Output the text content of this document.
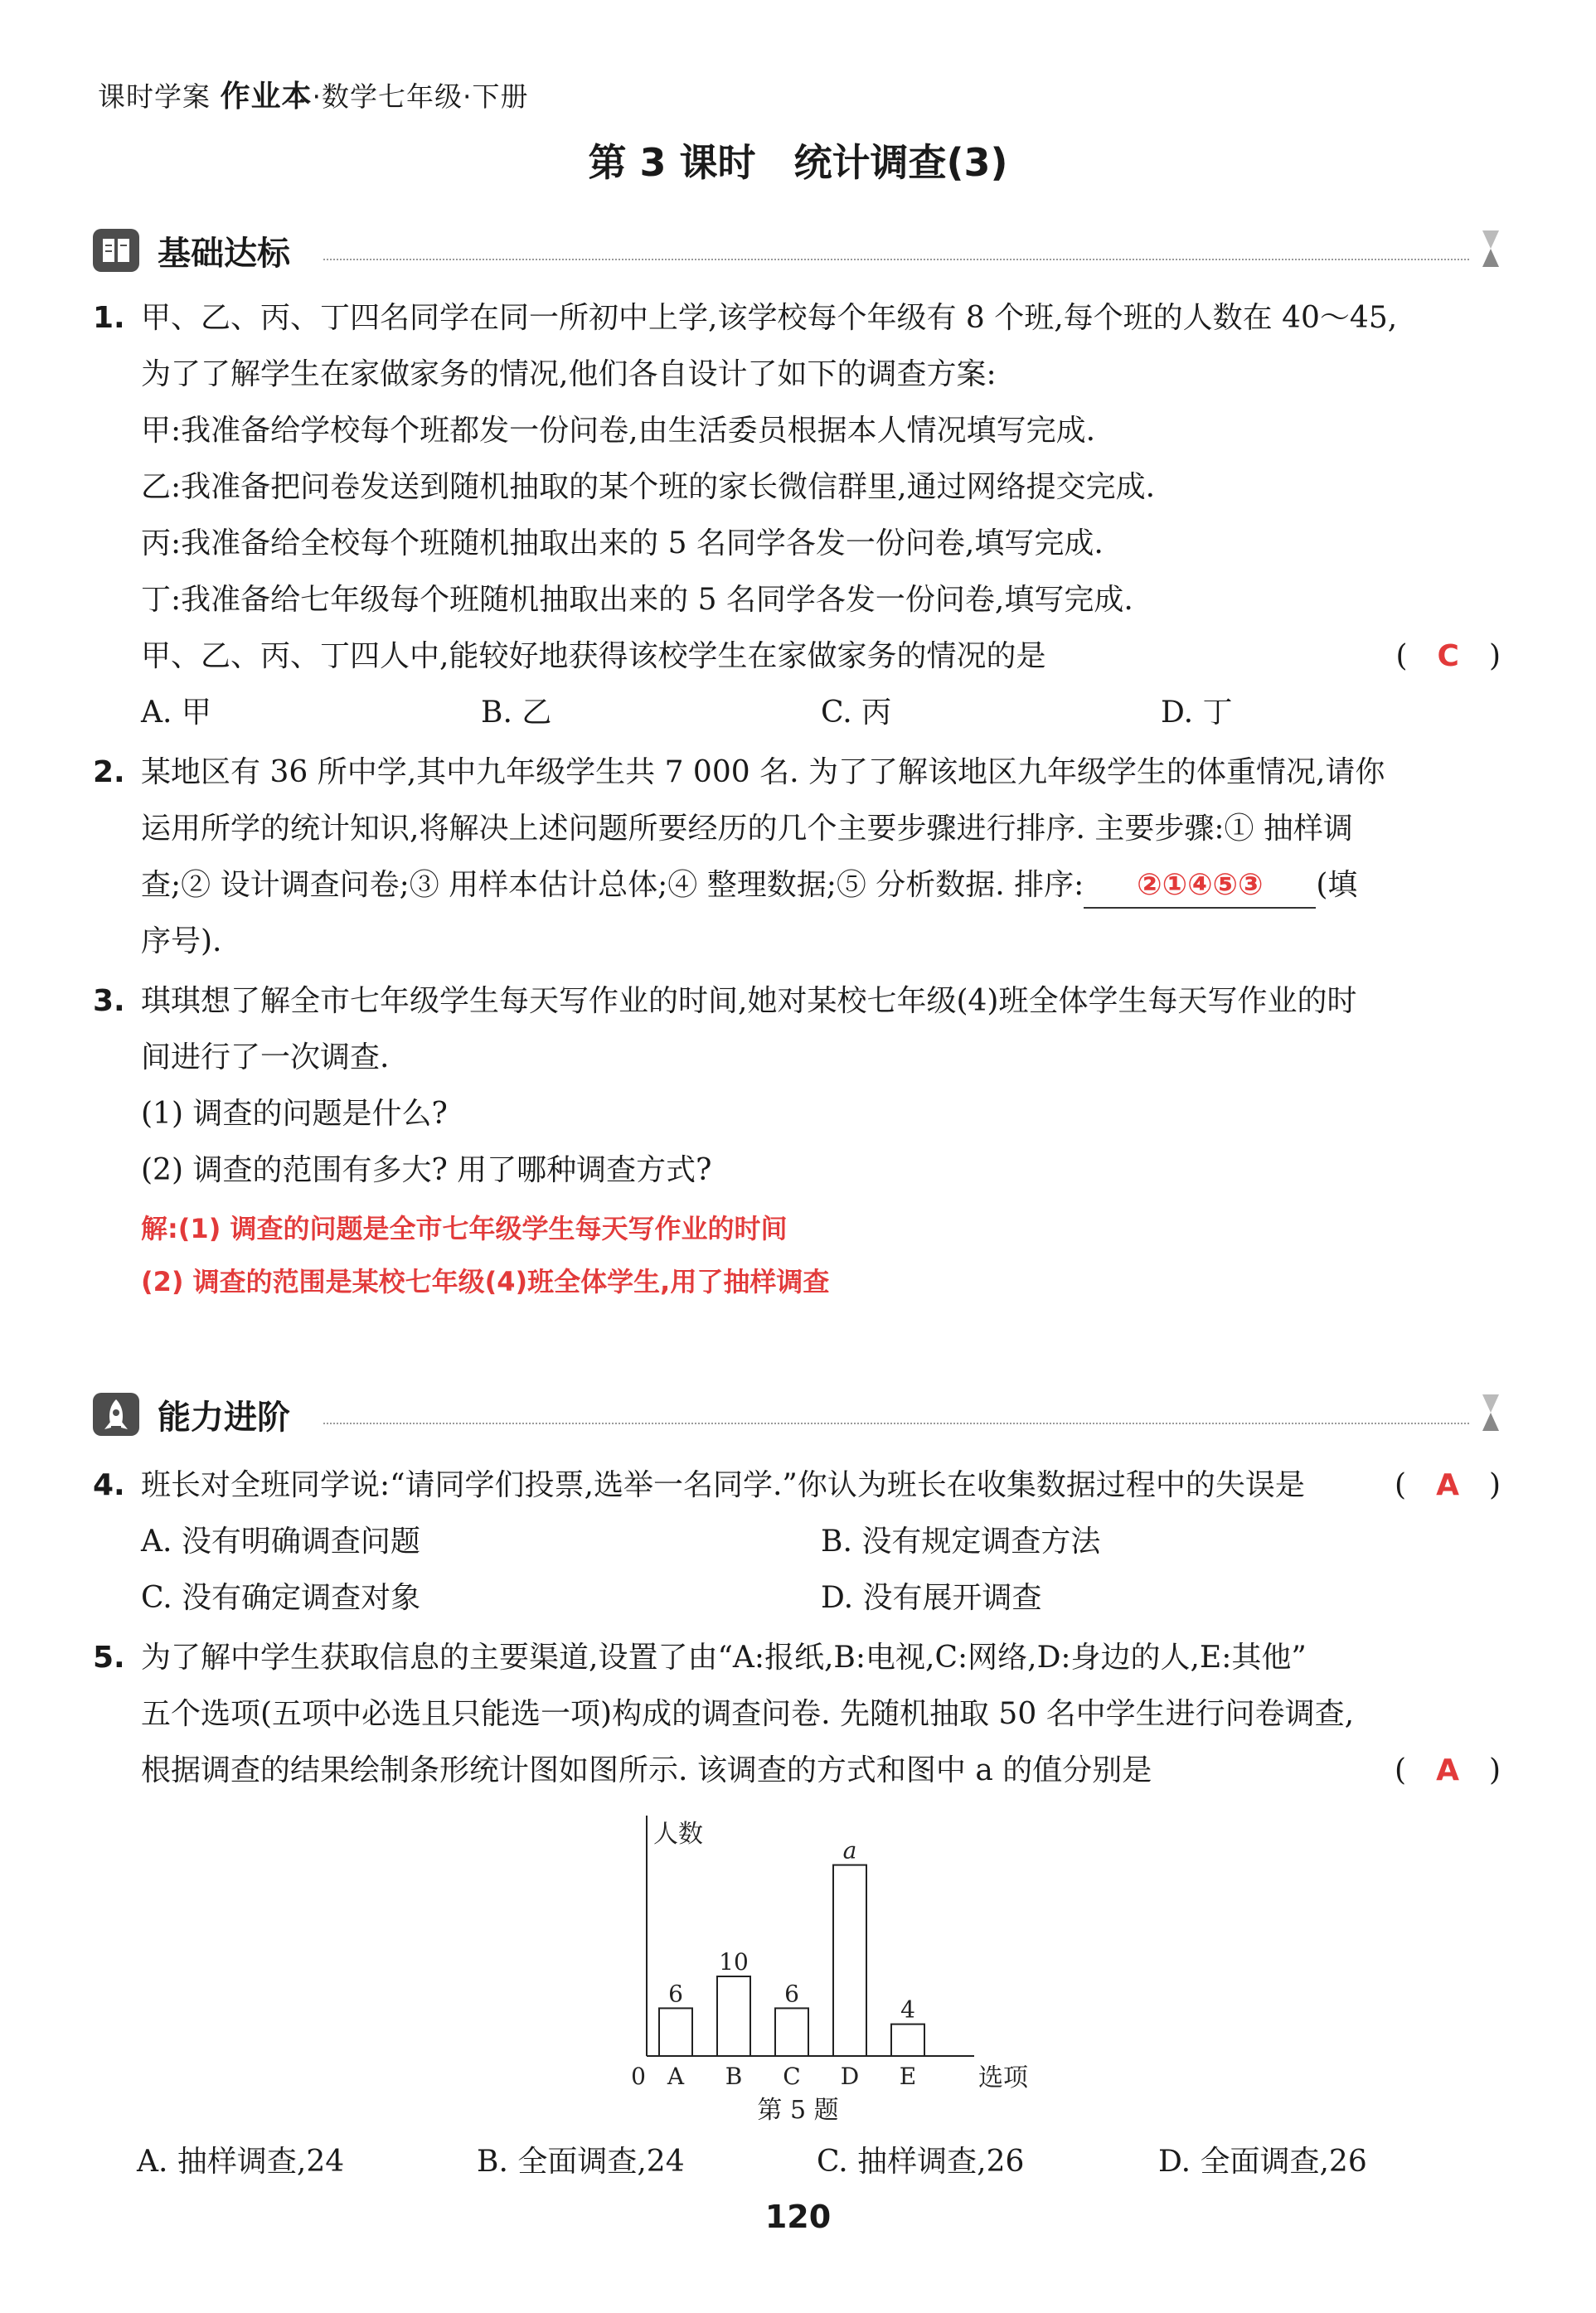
课时学案 作业本·数学七年级·下册
第 3 课时　统计调查(3)
基础达标
1. 甲、乙、丙、丁四名同学在同一所初中上学,该学校每个年级有 8 个班,每个班的人数在 40～45,
为了了解学生在家做家务的情况,他们各自设计了如下的调查方案:
甲:我准备给学校每个班都发一份问卷,由生活委员根据本人情况填写完成.
乙:我准备把问卷发送到随机抽取的某个班的家长微信群里,通过网络提交完成.
丙:我准备给全校每个班随机抽取出来的 5 名同学各发一份问卷,填写完成.
丁:我准备给七年级每个班随机抽取出来的 5 名同学各发一份问卷,填写完成.
甲、乙、丙、丁四人中,能较好地获得该校学生在家做家务的情况的是	(　C　)
A. 甲	B. 乙	C. 丙	D. 丁
2. 某地区有 36 所中学,其中九年级学生共 7 000 名. 为了了解该地区九年级学生的体重情况,请你
运用所学的统计知识,将解决上述问题所要经历的几个主要步骤进行排序. 主要步骤:① 抽样调
查;② 设计调查问卷;③ 用样本估计总体;④ 整理数据;⑤ 分析数据. 排序: ②①④⑤③ (填
序号).
3. 琪琪想了解全市七年级学生每天写作业的时间,她对某校七年级(4)班全体学生每天写作业的时
间进行了一次调查.
(1) 调查的问题是什么?
(2) 调查的范围有多大? 用了哪种调查方式?
解:(1) 调查的问题是全市七年级学生每天写作业的时间
(2) 调查的范围是某校七年级(4)班全体学生,用了抽样调查
能力进阶
4. 班长对全班同学说:“请同学们投票,选举一名同学.”你认为班长在收集数据过程中的失误是	(　A　)
A. 没有明确调查问题	B. 没有规定调查方法
C. 没有确定调查对象	D. 没有展开调查
5. 为了解中学生获取信息的主要渠道,设置了由“A:报纸,B:电视,C:网络,D:身边的人,E:其他”
五个选项(五项中必选且只能选一项)构成的调查问卷. 先随机抽取 50 名中学生进行问卷调查,
根据调查的结果绘制条形统计图如图所示. 该调查的方式和图中 a 的值分别是	(　A　)
人数
0	选项
6
A
10
B
6
C
a
D
4
E
第 5 题
A. 抽样调查,24	B. 全面调查,24	C. 抽样调查,26	D. 全面调查,26
120
